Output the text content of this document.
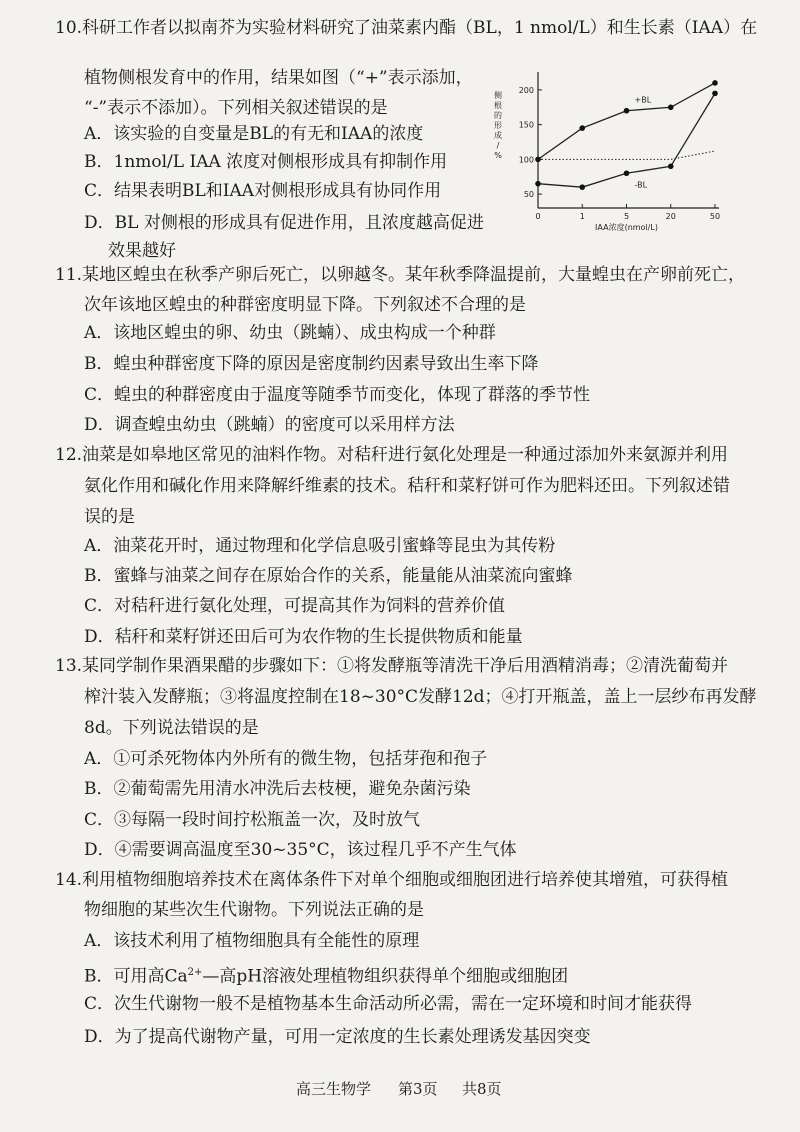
10.科研工作者以拟南芥为实验材料研究了油菜素内酯（BL，1 nmol/L）和生长素（IAA）在
植物侧根发育中的作用，结果如图（“+”表示添加，
“-”表示不添加）。下列相关叙述错误的是
A．该实验的自变量是BL的有无和IAA的浓度
B．1nmol/L IAA 浓度对侧根形成具有抑制作用
C．结果表明BL和IAA对侧根形成具有协同作用
D．BL 对侧根的形成具有促进作用，且浓度越高促进
效果越好
50
100
150
200
0	1	5	20	50
IAA浓度(nmol/L)
侧根的形成/ %
+BL
-BL
11.某地区蝗虫在秋季产卵后死亡，以卵越冬。某年秋季降温提前，大量蝗虫在产卵前死亡，
次年该地区蝗虫的种群密度明显下降。下列叙述不合理的是
A．该地区蝗虫的卵、幼虫（跳蝻）、成虫构成一个种群
B．蝗虫种群密度下降的原因是密度制约因素导致出生率下降
C．蝗虫的种群密度由于温度等随季节而变化，体现了群落的季节性
D．调查蝗虫幼虫（跳蝻）的密度可以采用样方法
12.油菜是如皋地区常见的油料作物。对秸秆进行氨化处理是一种通过添加外来氨源并利用
氨化作用和碱化作用来降解纤维素的技术。秸秆和菜籽饼可作为肥料还田。下列叙述错
误的是
A．油菜花开时，通过物理和化学信息吸引蜜蜂等昆虫为其传粉
B．蜜蜂与油菜之间存在原始合作的关系，能量能从油菜流向蜜蜂
C．对秸秆进行氨化处理，可提高其作为饲料的营养价值
D．秸秆和菜籽饼还田后可为农作物的生长提供物质和能量
13.某同学制作果酒果醋的步骤如下：①将发酵瓶等清洗干净后用酒精消毒；②清洗葡萄并
榨汁装入发酵瓶；③将温度控制在18~30°C发酵12d；④打开瓶盖，盖上一层纱布再发酵
8d。下列说法错误的是
A．①可杀死物体内外所有的微生物，包括芽孢和孢子
B．②葡萄需先用清水冲洗后去枝梗，避免杂菌污染
C．③每隔一段时间拧松瓶盖一次，及时放气
D．④需要调高温度至30~35°C，该过程几乎不产生气体
14.利用植物细胞培养技术在离体条件下对单个细胞或细胞团进行培养使其增殖，可获得植
物细胞的某些次生代谢物。下列说法正确的是
A．该技术利用了植物细胞具有全能性的原理
B．可用高$Ca^{2+}—$高pH溶液处理植物组织获得单个细胞或细胞团
C．次生代谢物一般不是植物基本生命活动所必需，需在一定环境和时间才能获得
D．为了提高代谢物产量，可用一定浓度的生长素处理诱发基因突变
高三生物学 第3页 共8页
